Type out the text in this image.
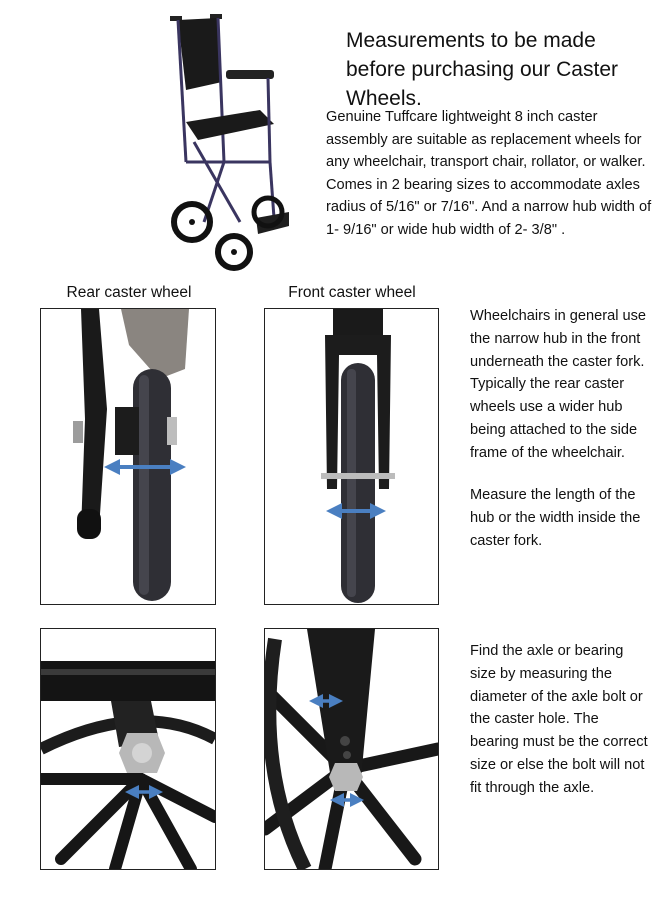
Measurements to be made before purchasing our Caster Wheels.
Genuine Tuffcare lightweight 8 inch caster assembly are suitable as replacement wheels for any wheelchair, transport chair, rollator, or walker. Comes in 2 bearing sizes to accommodate axles radius of 5/16" or 7/16". And a narrow hub width of 1- 9/16" or wide hub width of 2- 3/8" .
Rear caster wheel	Front caster wheel
Wheelchairs in general use the narrow hub in the front underneath the caster fork. Typically the rear caster wheels use a wider hub being attached to the side frame of the wheelchair.
Measure the length of the hub or the width inside the caster fork.
Find the axle or bearing size by measuring the diameter of the axle bolt or the caster hole. The bearing must be the correct size or else the bolt will not fit through the axle.
